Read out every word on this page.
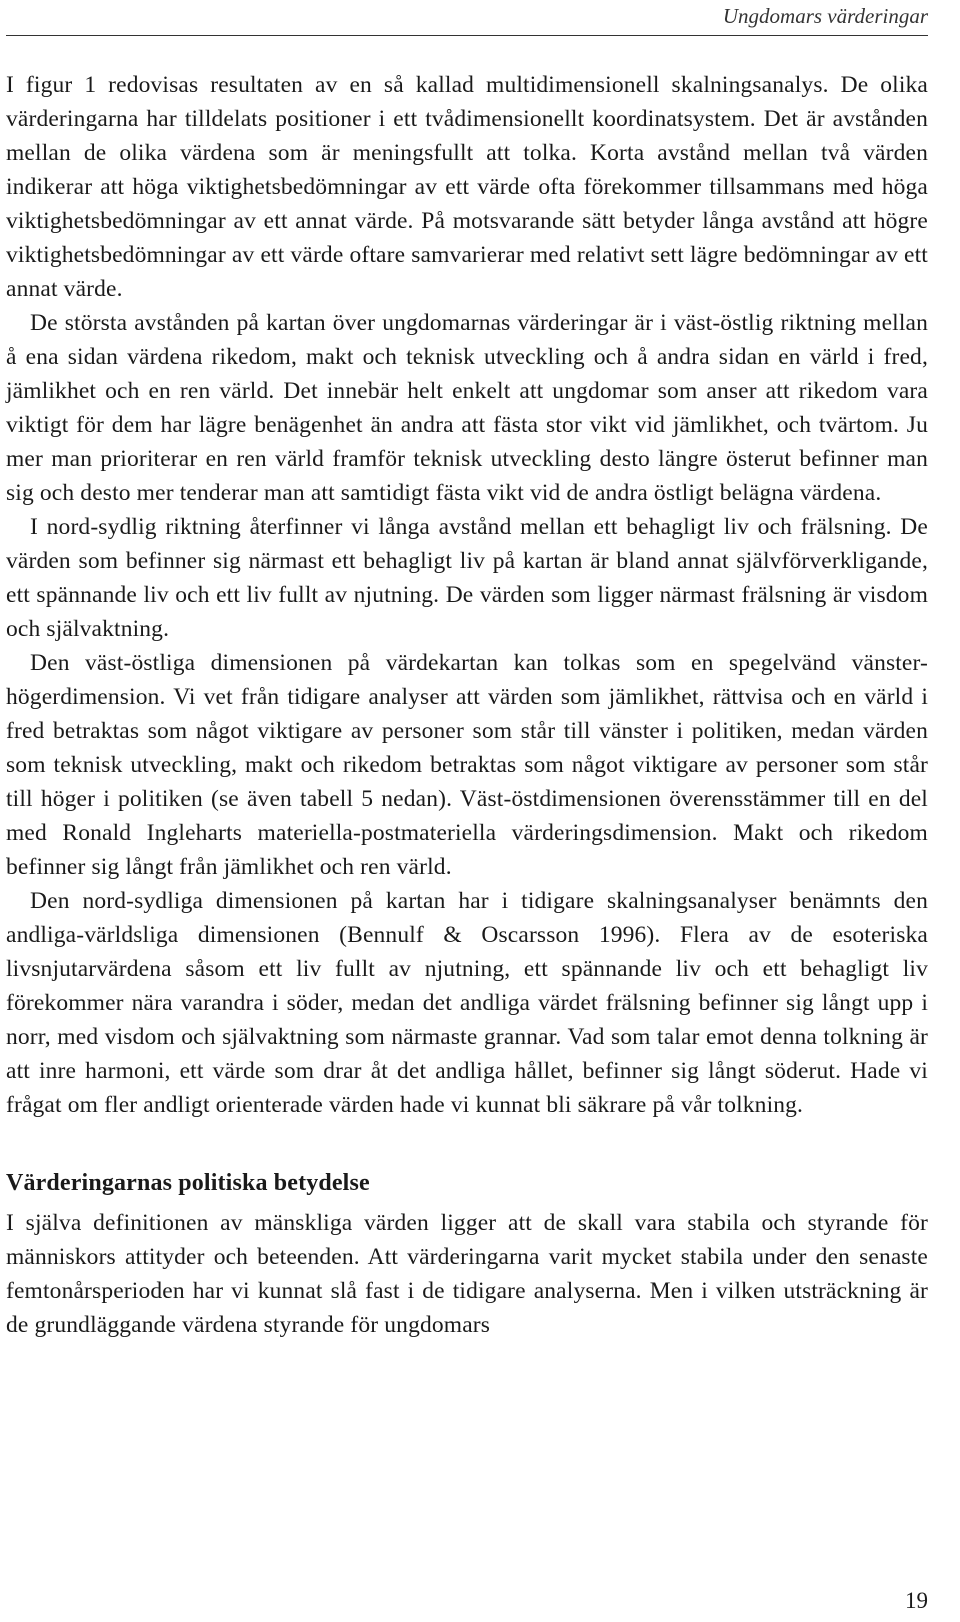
Ungdomars värderingar

I figur 1 redovisas resultaten av en så kallad multidimensionell skalningsanalys. De olika värderingarna har tilldelats positioner i ett tvådimensionellt koordinatsystem. Det är avstånden mellan de olika värdena som är meningsfullt att tolka. Korta avstånd mellan två värden indikerar att höga viktighetsbedömningar av ett värde ofta förekommer tillsammans med höga viktighetsbedömningar av ett annat värde. På motsvarande sätt betyder långa avstånd att högre viktighetsbedömningar av ett värde oftare samvarierar med relativt sett lägre bedömningar av ett annat värde.

De största avstånden på kartan över ungdomarnas värderingar är i väst-östlig riktning mellan å ena sidan värdena rikedom, makt och teknisk utveckling och å andra sidan en värld i fred, jämlikhet och en ren värld. Det innebär helt enkelt att ungdomar som anser att rikedom vara viktigt för dem har lägre benägenhet än andra att fästa stor vikt vid jämlikhet, och tvärtom. Ju mer man prioriterar en ren värld framför teknisk utveckling desto längre österut befinner man sig och desto mer tenderar man att samtidigt fästa vikt vid de andra östligt belägna värdena.

I nord-sydlig riktning återfinner vi långa avstånd mellan ett behagligt liv och frälsning. De värden som befinner sig närmast ett behagligt liv på kartan är bland annat självförverkligande, ett spännande liv och ett liv fullt av njutning. De värden som ligger närmast frälsning är visdom och självaktning.

Den väst-östliga dimensionen på värdekartan kan tolkas som en spegelvänd vänster-högerdimension. Vi vet från tidigare analyser att värden som jämlikhet, rättvisa och en värld i fred betraktas som något viktigare av personer som står till vänster i politiken, medan värden som teknisk utveckling, makt och rikedom betraktas som något viktigare av personer som står till höger i politiken (se även tabell 5 nedan). Väst-östdimensionen överensstämmer till en del med Ronald Ingleharts materiella-postmateriella värderingsdimension. Makt och rikedom befinner sig långt från jämlikhet och ren värld.

Den nord-sydliga dimensionen på kartan har i tidigare skalningsanalyser benämnts den andliga-världsliga dimensionen (Bennulf & Oscarsson 1996). Flera av de esoteriska livsnjutarvärdena såsom ett liv fullt av njutning, ett spännande liv och ett behagligt liv förekommer nära varandra i söder, medan det andliga värdet frälsning befinner sig långt upp i norr, med visdom och självaktning som närmaste grannar. Vad som talar emot denna tolkning är att inre harmoni, ett värde som drar åt det andliga hållet, befinner sig långt söderut. Hade vi frågat om fler andligt orienterade värden hade vi kunnat bli säkrare på vår tolkning.

Värderingarnas politiska betydelse

I själva definitionen av mänskliga värden ligger att de skall vara stabila och styrande för människors attityder och beteenden. Att värderingarna varit mycket stabila under den senaste femtonårsperioden har vi kunnat slå fast i de tidigare analyserna. Men i vilken utsträckning är de grundläggande värdena styrande för ungdomars

19
